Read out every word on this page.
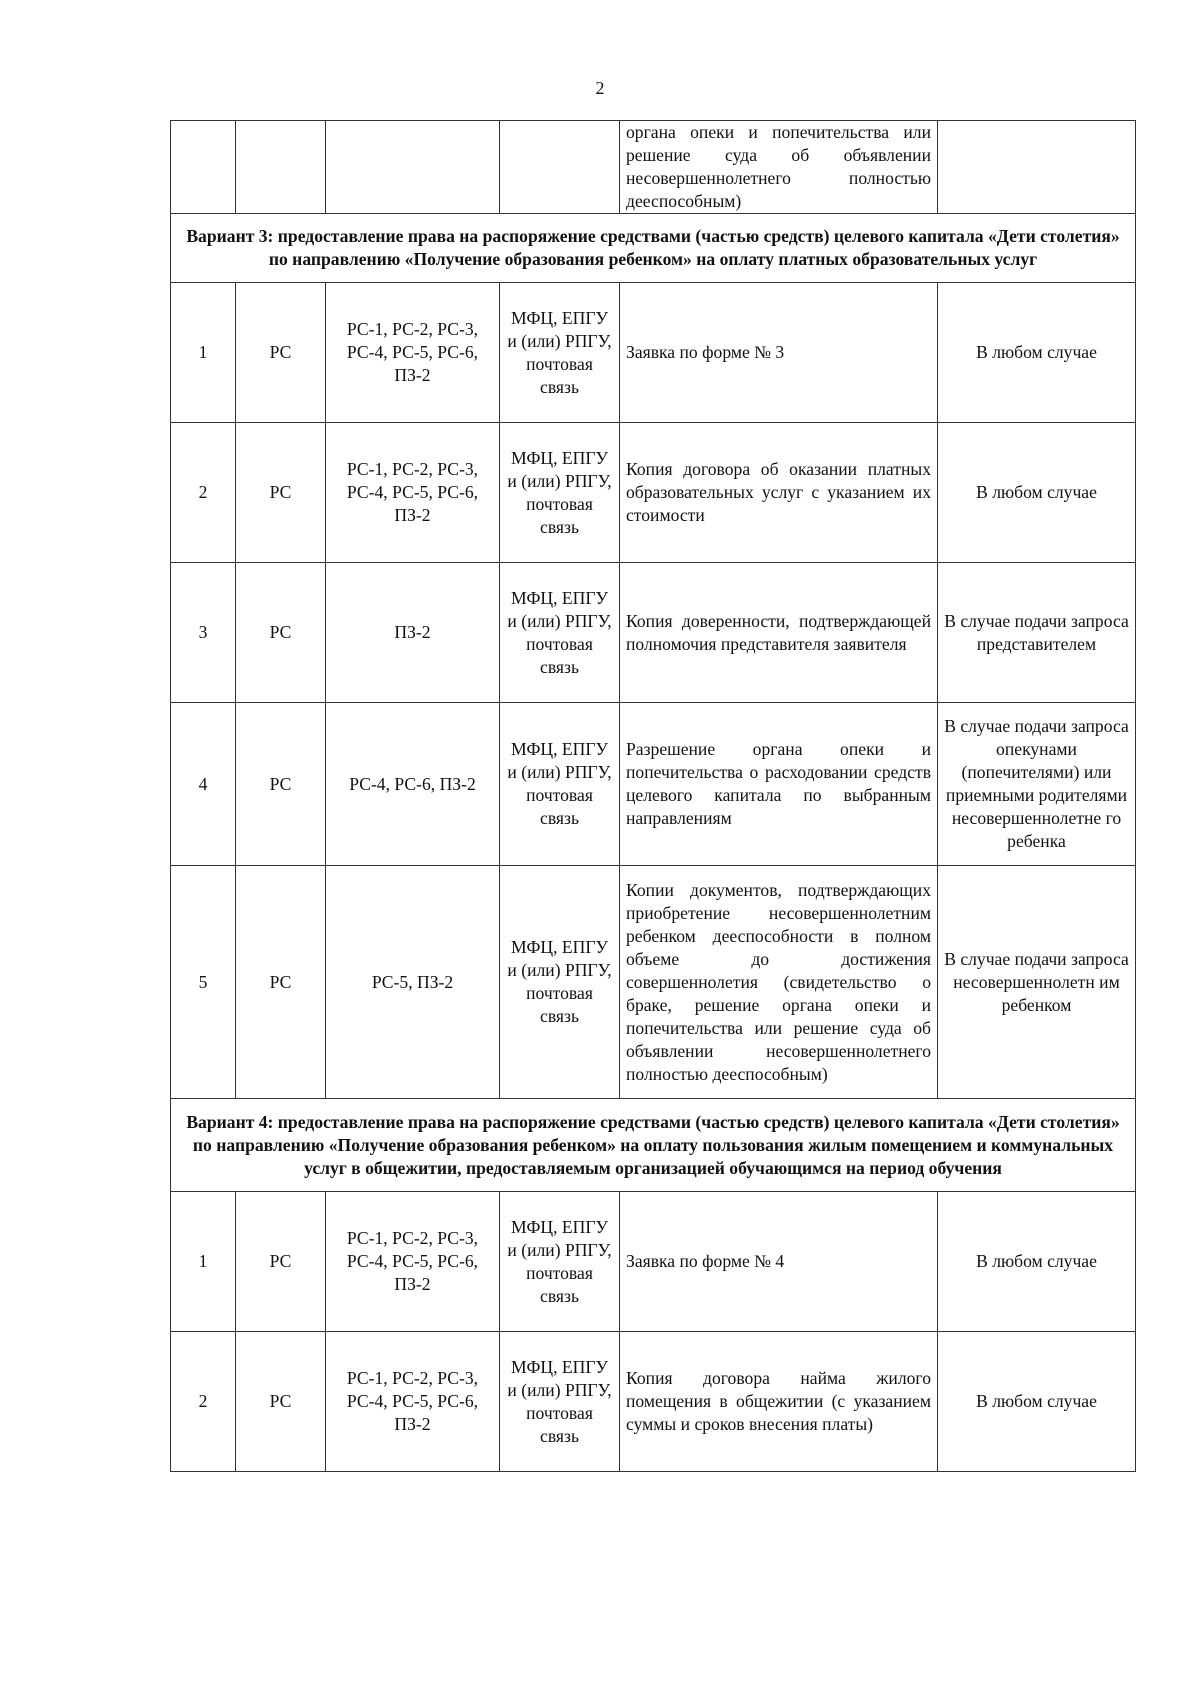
2
				органа опеки и попечительства или решение суда об объявлении несовершеннолетнего полностью дееспособным)	
Вариант 3: предоставление права на распоряжение средствами (частью средств) целевого капитала «Дети столетия» по направлению «Получение образования ребенком» на оплату платных образовательных услуг					
1	РС	РС-1, РС-2, РС-3, РС-4, РС-5, РС-6, ПЗ-2	МФЦ, ЕПГУ и (или) РПГУ, почтовая связь	Заявка по форме № 3	В любом случае
2	РС	РС-1, РС-2, РС-3, РС-4, РС-5, РС-6, ПЗ-2	МФЦ, ЕПГУ и (или) РПГУ, почтовая связь	Копия договора об оказании платных образовательных услуг с указанием их стоимости	В любом случае
3	РС	ПЗ-2	МФЦ, ЕПГУ и (или) РПГУ, почтовая связь	Копия доверенности, подтверждающей полномочия представителя заявителя	В случае подачи запроса представителем
4	РС	РС-4, РС-6, ПЗ-2	МФЦ, ЕПГУ и (или) РПГУ, почтовая связь	Разрешение органа опеки и попечительства о расходовании средств целевого капитала по выбранным направлениям	В случае подачи запроса опекунами (попечителями) или приемными родителями несовершеннолетне го ребенка
5	РС	РС-5, ПЗ-2	МФЦ, ЕПГУ и (или) РПГУ, почтовая связь	Копии документов, подтверждающих приобретение несовершеннолетним ребенком дееспособности в полном объеме до достижения совершеннолетия (свидетельство о браке, решение органа опеки и попечительства или решение суда об объявлении несовершеннолетнего полностью дееспособным)	В случае подачи запроса несовершеннолетн им ребенком
Вариант 4: предоставление права на распоряжение средствами (частью средств) целевого капитала «Дети столетия» по направлению «Получение образования ребенком» на оплату пользования жилым помещением и коммунальных услуг в общежитии, предоставляемым организацией обучающимся на период обучения					
1	РС	РС-1, РС-2, РС-3, РС-4, РС-5, РС-6, ПЗ-2	МФЦ, ЕПГУ и (или) РПГУ, почтовая связь	Заявка по форме № 4	В любом случае
2	РС	РС-1, РС-2, РС-3, РС-4, РС-5, РС-6, ПЗ-2	МФЦ, ЕПГУ и (или) РПГУ, почтовая связь	Копия договора найма жилого помещения в общежитии (с указанием суммы и сроков внесения платы)	В любом случае
